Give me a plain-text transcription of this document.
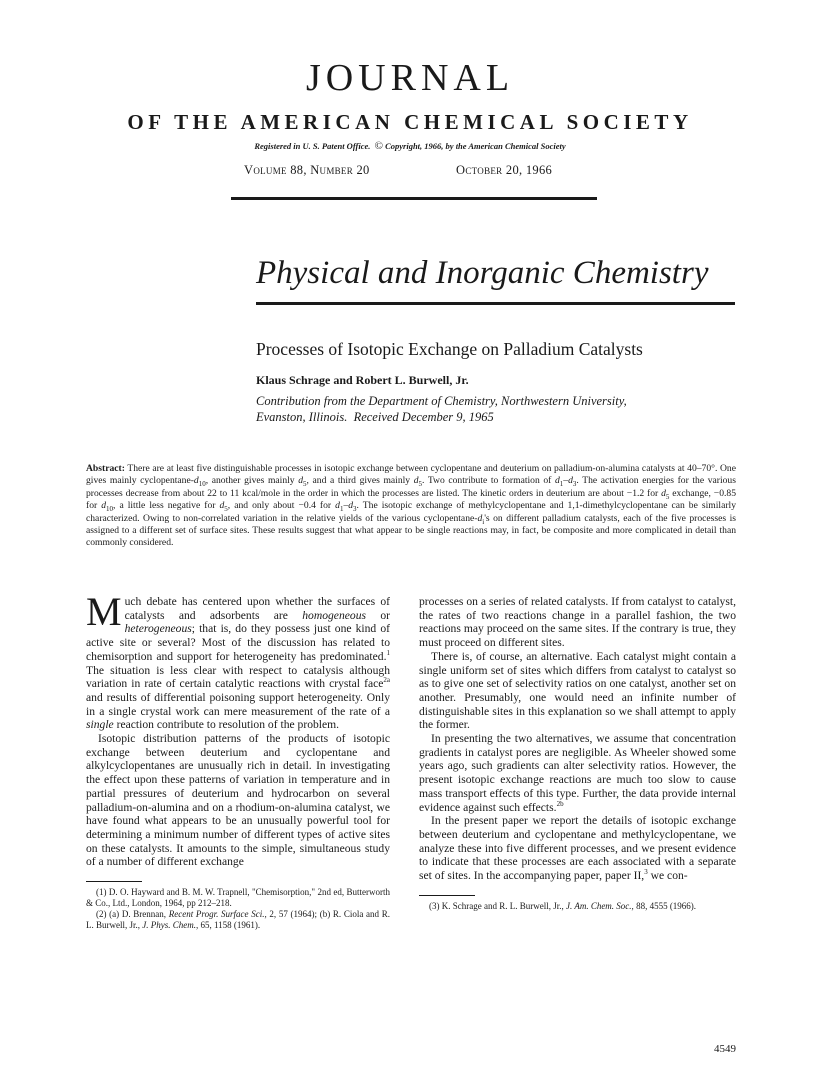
JOURNAL
OF THE AMERICAN CHEMICAL SOCIETY
Registered in U. S. Patent Office. © Copyright, 1966, by the American Chemical Society
Volume 88, Number 20	October 20, 1966
Physical and Inorganic Chemistry
Processes of Isotopic Exchange on Palladium Catalysts
Klaus Schrage and Robert L. Burwell, Jr.
Contribution from the Department of Chemistry, Northwestern University,
Evanston, Illinois. Received December 9, 1965
Abstract: There are at least five distinguishable processes in isotopic exchange between cyclopentane and deuterium on palladium-on-alumina catalysts at 40–70°. One gives mainly cyclopentane-$d_{10}$, another gives mainly $d_5$, and a third gives mainly $d_5$. Two contribute to formation of $d_1-d_3$. The activation energies for the various processes decrease from about 22 to 11 kcal/mole in the order in which the processes are listed. The kinetic orders in deuterium are about −1.2 for $d_5$ exchange, −0.85 for $d_{10}$, a little less negative for $d_5$, and only about −0.4 for $d_1-d_3$. The isotopic exchange of methylcyclopentane and 1,1-dimethylcyclopentane can be similarly characterized. Owing to non-correlated variation in the relative yields of the various cyclopentane-$d_i's$ on different palladium catalysts, each of the five processes is assigned to a different set of surface sites. These results suggest that what appear to be single reactions may, in fact, be composite and more complicated in detail than commonly considered.

Much debate has centered upon whether the surfaces of catalysts and adsorbents are homogeneous or heterogeneous; that is, do they possess just one kind of active site or several? Most of the discussion has related to chemisorption and support for heterogeneity has predominated.$^1$ The situation is less clear with respect to catalysis although variation in rate of certain catalytic reactions with crystal face$^{2a}$ and results of differential poisoning support heterogeneity. Only in a single crystal work can mere measurement of the rate of a single reaction contribute to resolution of the problem.

Isotopic distribution patterns of the products of isotopic exchange between deuterium and cyclopentane and alkylcyclopentanes are unusually rich in detail. In investigating the effect upon these patterns of variation in temperature and in partial pressures of deuterium and hydrocarbon on several palladium-on-alumina and on a rhodium-on-alumina catalyst, we have found what appears to be an unusually powerful tool for determining a minimum number of different types of active sites on these catalysts. It amounts to the simple, simultaneous study of a number of different exchange

(1) D. O. Hayward and B. M. W. Trapnell, "Chemisorption," 2nd ed, Butterworth & Co., Ltd., London, 1964, pp 212–218.

(2) (a) D. Brennan, Recent Progr. Surface Sci., 2, 57 (1964); (b) R. Ciola and R. L. Burwell, Jr., J. Phys. Chem., 65, 1158 (1961).

processes on a series of related catalysts. If from catalyst to catalyst, the rates of two reactions change in a parallel fashion, the two reactions may proceed on the same sites. If the contrary is true, they must proceed on different sites.

There is, of course, an alternative. Each catalyst might contain a single uniform set of sites which differs from catalyst to catalyst so as to give one set of selectivity ratios on one catalyst, another set on another. Presumably, one would need an infinite number of distinguishable sites in this explanation so we shall attempt to apply the former.

In presenting the two alternatives, we assume that concentration gradients in catalyst pores are negligible. As Wheeler showed some years ago, such gradients can alter selectivity ratios. However, the present isotopic exchange reactions are much too slow to cause mass transport effects of this type. Further, the data provide internal evidence against such effects.$^{2b}$

In the present paper we report the details of isotopic exchange between deuterium and cyclopentane and methylcyclopentane, we analyze these into five different processes, and we present evidence to indicate that these processes are each associated with a separate set of sites. In the accompanying paper, paper II,$^3$ we con-

(3) K. Schrage and R. L. Burwell, Jr., J. Am. Chem. Soc., 88, 4555 (1966).

4549
